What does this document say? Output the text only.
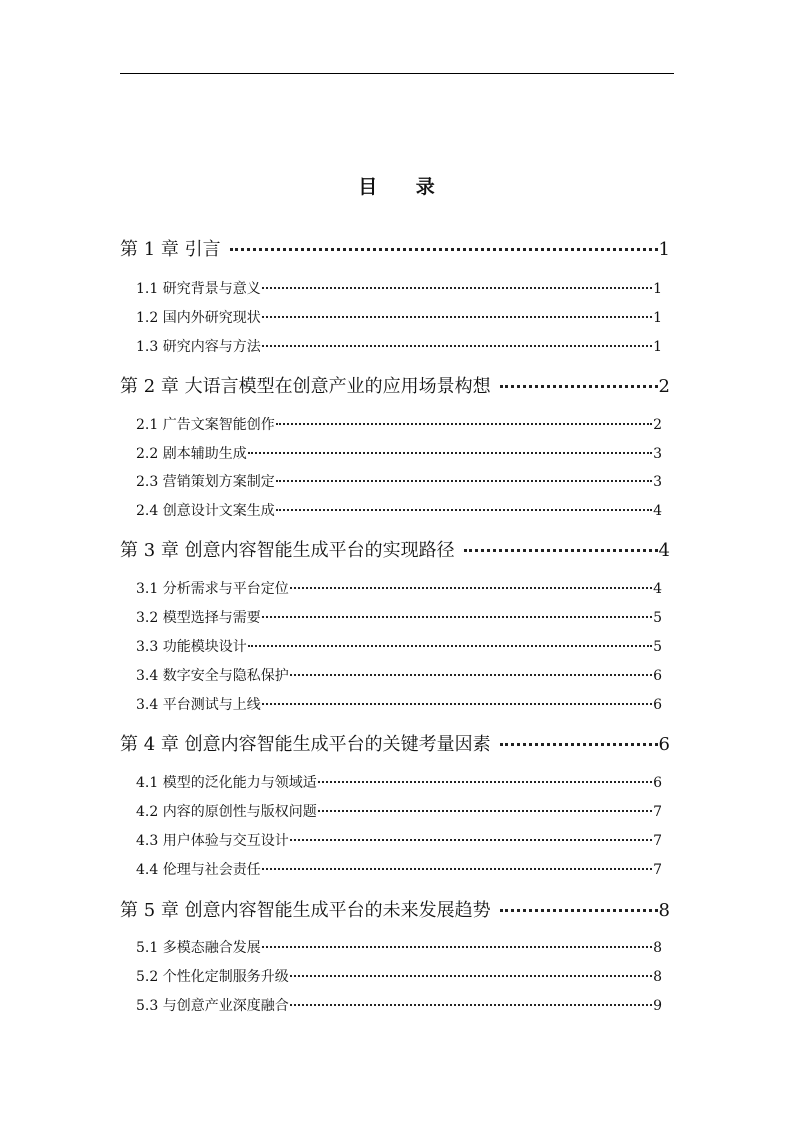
目 录
第 1 章 引言	1
1.1 研究背景与意义	1
1.2 国内外研究现状	1
1.3 研究内容与方法	1
第 2 章 大语言模型在创意产业的应用场景构想	2
2.1 广告文案智能创作	2
2.2 剧本辅助生成	3
2.3 营销策划方案制定	3
2.4 创意设计文案生成	4
第 3 章 创意内容智能生成平台的实现路径	4
3.1 分析需求与平台定位	4
3.2 模型选择与需要	5
3.3 功能模块设计	5
3.4 数字安全与隐私保护	6
3.4 平台测试与上线	6
第 4 章 创意内容智能生成平台的关键考量因素	6
4.1 模型的泛化能力与领域适	6
4.2 内容的原创性与版权问题	7
4.3 用户体验与交互设计	7
4.4 伦理与社会责任	7
第 5 章 创意内容智能生成平台的未来发展趋势	8
5.1 多模态融合发展	8
5.2 个性化定制服务升级	8
5.3 与创意产业深度融合	9
